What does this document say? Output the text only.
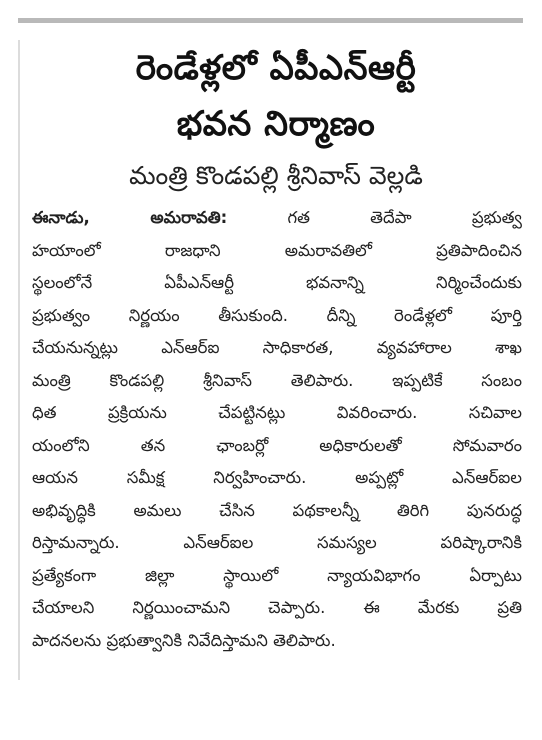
రెండేళ్లలో ఏపీఎన్ఆర్టీ
భవన నిర్మాణం
మంత్రి కొండపల్లి శ్రీనివాస్ వెల్లడి
ఈనాడు, అమరావతి:	గత తెదేపా ప్రభుత్వ
హయాంలో రాజధాని అమరావతిలో ప్రతిపాదించిన
స్థలంలోనే ఏపీఎన్ఆర్టీ భవనాన్ని నిర్మించేందుకు
ప్రభుత్వం నిర్ణయం తీసుకుంది. దీన్ని రెండేళ్లలో పూర్తి
చేయనున్నట్లు ఎన్ఆర్ఐ సాధికారత, వ్యవహారాల శాఖ
మంత్రి కొండపల్లి శ్రీనివాస్ తెలిపారు. ఇప్పటికే సంబం
ధిత ప్రక్రియను చేపట్టినట్లు వివరించారు. సచివాల
యంలోని తన ఛాంబర్లో అధికారులతో సోమవారం
ఆయన సమీక్ష నిర్వహించారు. అప్పట్లో ఎన్ఆర్ఐల
అభివృద్ధికి అమలు చేసిన పథకాలన్నీ తిరిగి పునరుద్ధ
రిస్తామన్నారు. ఎన్ఆర్ఐల సమస్యల పరిష్కారానికి
ప్రత్యేకంగా జిల్లా స్థాయిలో న్యాయవిభాగం ఏర్పాటు
చేయాలని నిర్ణయించామని చెప్పారు. ఈ మేరకు ప్రతి
పాదనలను ప్రభుత్వానికి నివేదిస్తామని తెలిపారు.
